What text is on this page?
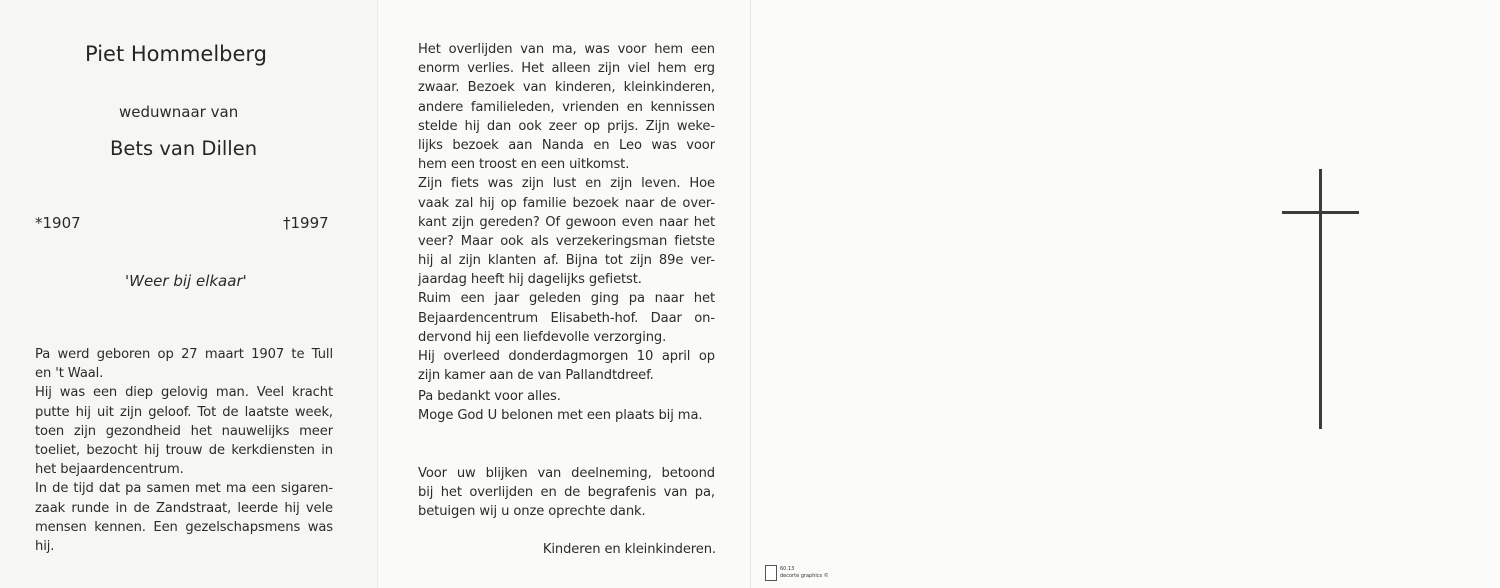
Piet Hommelberg
weduwnaar van
Bets van Dillen
*1907	†1997
'Weer bij elkaar'
Pa werd geboren op 27 maart 1907 te Tull
en 't Waal.
Hij was een diep gelovig man. Veel kracht
putte hij uit zijn geloof. Tot de laatste week,
toen zijn gezondheid het nauwelijks meer
toeliet, bezocht hij trouw de kerkdiensten in
het bejaardencentrum.
In de tijd dat pa samen met ma een sigaren-
zaak runde in de Zandstraat, leerde hij vele
mensen kennen. Een gezelschapsmens was
hij.
Het overlijden van ma, was voor hem een
enorm verlies. Het alleen zijn viel hem erg
zwaar. Bezoek van kinderen, kleinkinderen,
andere familieleden, vrienden en kennissen
stelde hij dan ook zeer op prijs. Zijn weke-
lijks bezoek aan Nanda en Leo was voor
hem een troost en een uitkomst.
Zijn fiets was zijn lust en zijn leven. Hoe
vaak zal hij op familie bezoek naar de over-
kant zijn gereden? Of gewoon even naar het
veer? Maar ook als verzekeringsman fietste
hij al zijn klanten af. Bijna tot zijn 89e ver-
jaardag heeft hij dagelijks gefietst.
Ruim een jaar geleden ging pa naar het
Bejaardencentrum Elisabeth-hof. Daar on-
dervond hij een liefdevolle verzorging.
Hij overleed donderdagmorgen 10 april op
zijn kamer aan de van Pallandtdreef.
Pa bedankt voor alles.
Moge God U belonen met een plaats bij ma.
Voor uw blijken van deelneming, betoond
bij het overlijden en de begrafenis van pa,
betuigen wij u onze oprechte dank.
Kinderen en kleinkinderen.
60.13
decorte graphics ©
